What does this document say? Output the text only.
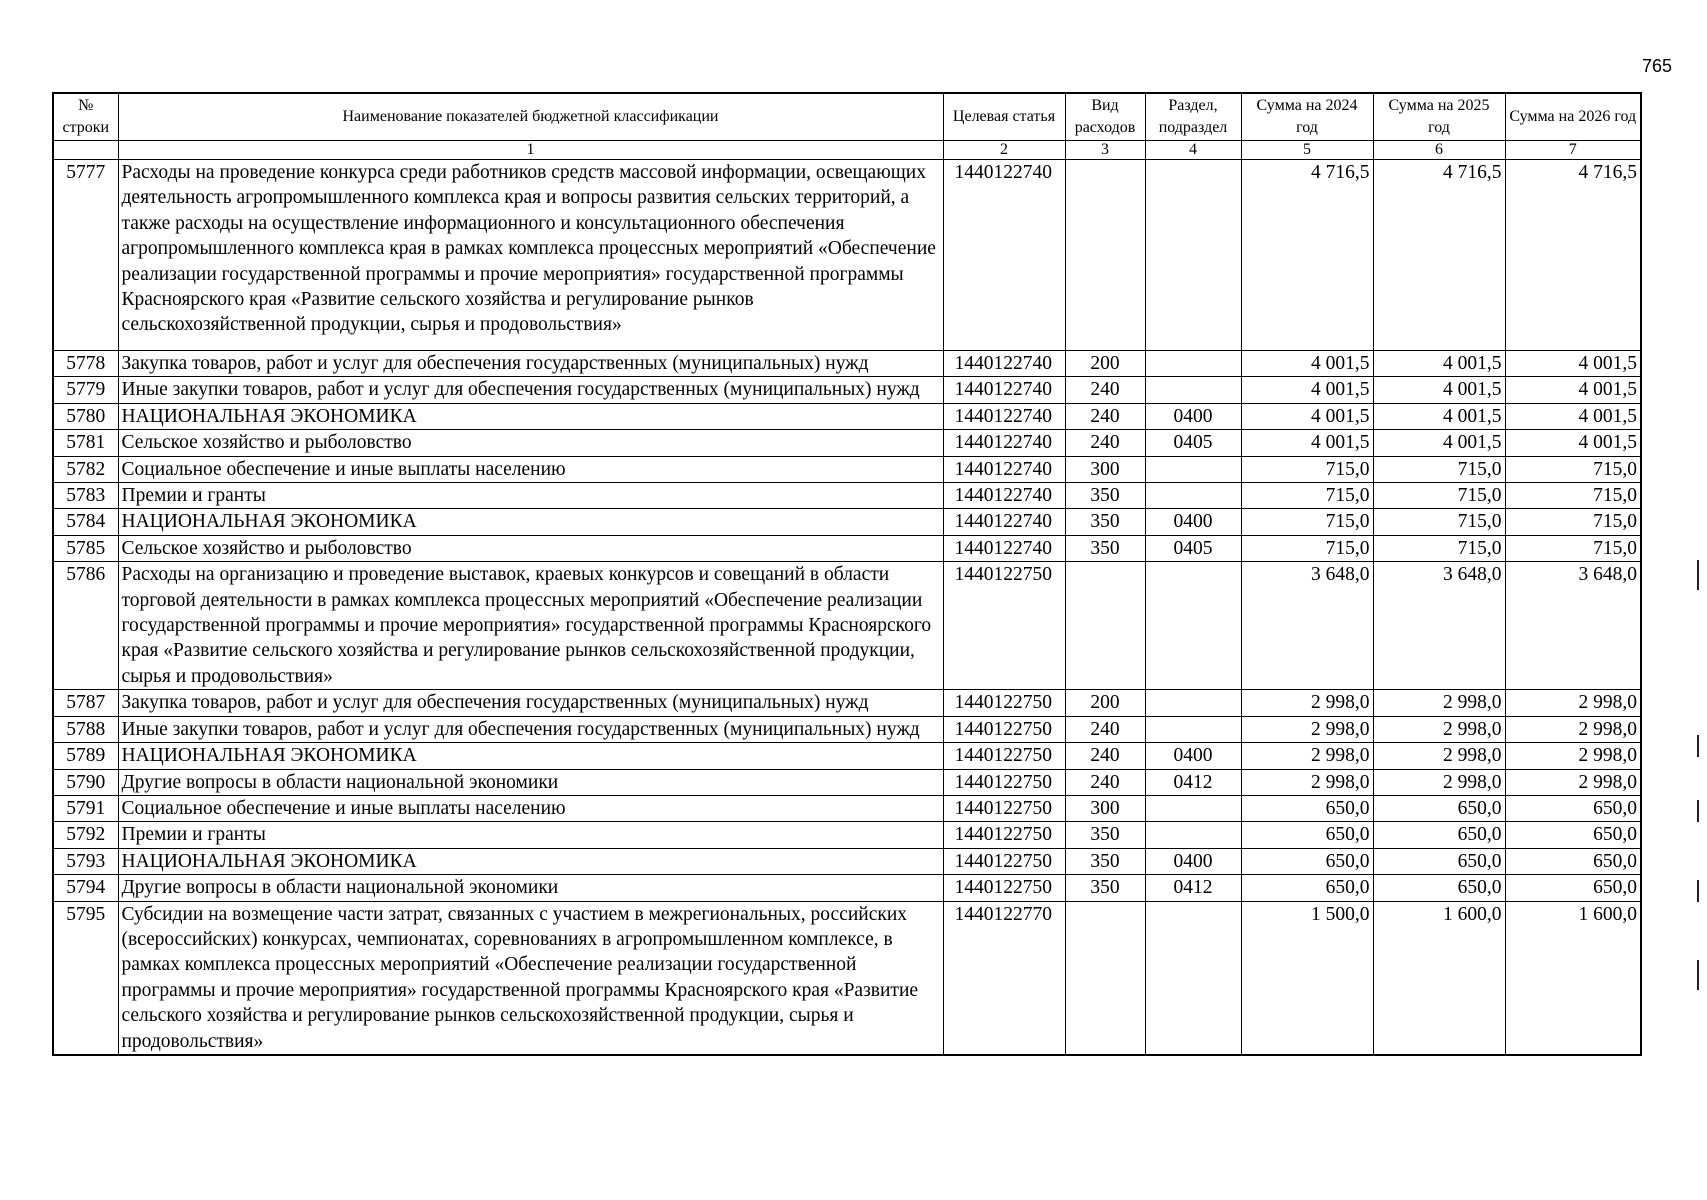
765
№ строки	Наименование показателей бюджетной классификации	Целевая статья	Вид расходов	Раздел, подраздел	Сумма на 2024 год	Сумма на 2025 год	Сумма на 2026 год
	1	2	3	4	5	6	7
5777	Расходы на проведение конкурса среди работников средств массовой информации, освещающих деятельность агропромышленного комплекса края и вопросы развития сельских территорий, а также расходы на осуществление информационного и консультационного обеспечения агропромышленного комплекса края в рамках комплекса процессных мероприятий «Обеспечение реализации государственной программы и прочие мероприятия» государственной программы Красноярского края «Развитие сельского хозяйства и регулирование рынков сельскохозяйственной продукции, сырья и продовольствия»	1440122740			4 716,5	4 716,5	4 716,5
5778	Закупка товаров, работ и услуг для обеспечения государственных (муниципальных) нужд	1440122740	200		4 001,5	4 001,5	4 001,5
5779	Иные закупки товаров, работ и услуг для обеспечения государственных (муниципальных) нужд	1440122740	240		4 001,5	4 001,5	4 001,5
5780	НАЦИОНАЛЬНАЯ ЭКОНОМИКА	1440122740	240	0400	4 001,5	4 001,5	4 001,5
5781	Сельское хозяйство и рыболовство	1440122740	240	0405	4 001,5	4 001,5	4 001,5
5782	Социальное обеспечение и иные выплаты населению	1440122740	300		715,0	715,0	715,0
5783	Премии и гранты	1440122740	350		715,0	715,0	715,0
5784	НАЦИОНАЛЬНАЯ ЭКОНОМИКА	1440122740	350	0400	715,0	715,0	715,0
5785	Сельское хозяйство и рыболовство	1440122740	350	0405	715,0	715,0	715,0
5786	Расходы на организацию и проведение выставок, краевых конкурсов и совещаний в области торговой деятельности в рамках комплекса процессных мероприятий «Обеспечение реализации государственной программы и прочие мероприятия» государственной программы Красноярского края «Развитие сельского хозяйства и регулирование рынков сельскохозяйственной продукции, сырья и продовольствия»	1440122750			3 648,0	3 648,0	3 648,0
5787	Закупка товаров, работ и услуг для обеспечения государственных (муниципальных) нужд	1440122750	200		2 998,0	2 998,0	2 998,0
5788	Иные закупки товаров, работ и услуг для обеспечения государственных (муниципальных) нужд	1440122750	240		2 998,0	2 998,0	2 998,0
5789	НАЦИОНАЛЬНАЯ ЭКОНОМИКА	1440122750	240	0400	2 998,0	2 998,0	2 998,0
5790	Другие вопросы в области национальной экономики	1440122750	240	0412	2 998,0	2 998,0	2 998,0
5791	Социальное обеспечение и иные выплаты населению	1440122750	300		650,0	650,0	650,0
5792	Премии и гранты	1440122750	350		650,0	650,0	650,0
5793	НАЦИОНАЛЬНАЯ ЭКОНОМИКА	1440122750	350	0400	650,0	650,0	650,0
5794	Другие вопросы в области национальной экономики	1440122750	350	0412	650,0	650,0	650,0
5795	Субсидии на возмещение части затрат, связанных с участием в межрегиональных, российских (всероссийских) конкурсах, чемпионатах, соревнованиях в агропромышленном комплексе, в рамках комплекса процессных мероприятий «Обеспечение реализации государственной программы и прочие мероприятия» государственной программы Красноярского края «Развитие сельского хозяйства и регулирование рынков сельскохозяйственной продукции, сырья и продовольствия»	1440122770			1 500,0	1 600,0	1 600,0
